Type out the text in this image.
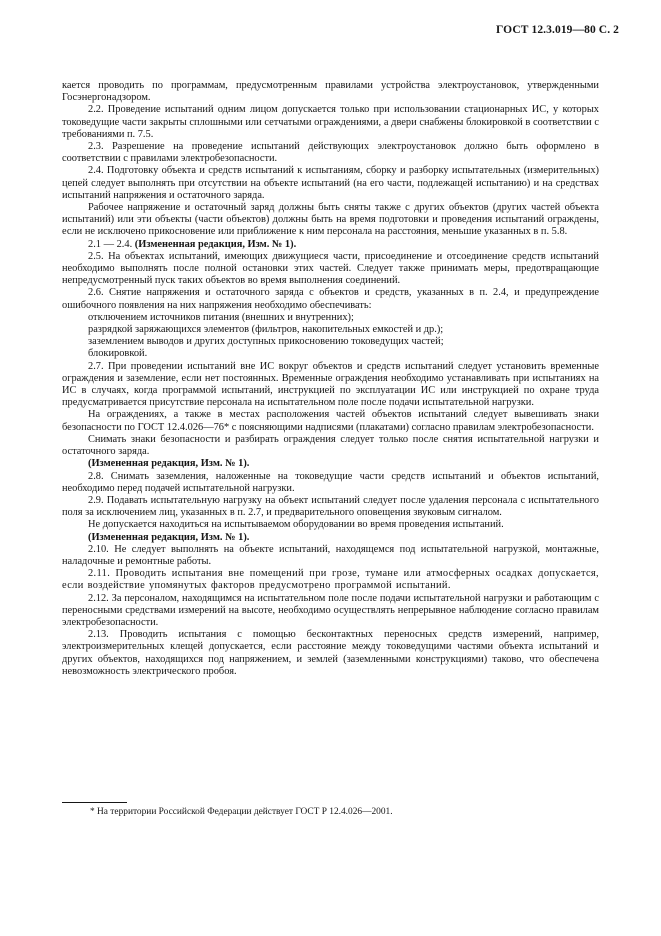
ГОСТ 12.3.019—80 С. 2

кается проводить по программам, предусмотренным правилами устройства электроустановок, утвержденными Госэнергонадзором.

2.2. Проведение испытаний одним лицом допускается только при использовании стационарных ИС, у которых токоведущие части закрыты сплошными или сетчатыми ограждениями, а двери снабжены блокировкой в соответствии с требованиями п. 7.5.

2.3. Разрешение на проведение испытаний действующих электроустановок должно быть оформлено в соответствии с правилами электробезопасности.

2.4. Подготовку объекта и средств испытаний к испытаниям, сборку и разборку испытательных (измерительных) цепей следует выполнять при отсутствии на объекте испытаний (на его части, подлежащей испытанию) и на средствах испытаний напряжения и остаточного заряда.

Рабочее напряжение и остаточный заряд должны быть сняты также с других объектов (других частей объекта испытаний) или эти объекты (части объектов) должны быть на время подготовки и проведения испытаний ограждены, если не исключено прикосновение или приближение к ним персонала на расстояния, меньшие указанных в п. 5.8.

2.1 — 2.4. (Измененная редакция, Изм. № 1).

2.5. На объектах испытаний, имеющих движущиеся части, присоединение и отсоединение средств испытаний необходимо выполнять после полной остановки этих частей. Следует также принимать меры, предотвращающие непредусмотренный пуск таких объектов во время выполнения соединений.

2.6. Снятие напряжения и остаточного заряда с объектов и средств, указанных в п. 2.4, и предупреждение ошибочного появления на них напряжения необходимо обеспечивать:

отключением источников питания (внешних и внутренних);

разрядкой заряжающихся элементов (фильтров, накопительных емкостей и др.);

заземлением выводов и других доступных прикосновению токоведущих частей;

блокировкой.

2.7. При проведении испытаний вне ИС вокруг объектов и средств испытаний следует установить временные ограждения и заземление, если нет постоянных. Временные ограждения необходимо устанавливать при испытаниях на ИС в случаях, когда программой испытаний, инструкцией по эксплуатации ИС или инструкцией по охране труда предусматривается присутствие персонала на испытательном поле после подачи испытательной нагрузки.

На ограждениях, а также в местах расположения частей объектов испытаний следует вывешивать знаки безопасности по ГОСТ 12.4.026—76* с поясняющими надписями (плакатами) согласно правилам электробезопасности.

Снимать знаки безопасности и разбирать ограждения следует только после снятия испытательной нагрузки и остаточного заряда.

(Измененная редакция, Изм. № 1).

2.8. Снимать заземления, наложенные на токоведущие части средств испытаний и объектов испытаний, необходимо перед подачей испытательной нагрузки.

2.9. Подавать испытательную нагрузку на объект испытаний следует после удаления персонала с испытательного поля за исключением лиц, указанных в п. 2.7, и предварительного оповещения звуковым сигналом.

Не допускается находиться на испытываемом оборудовании во время проведения испытаний.

(Измененная редакция, Изм. № 1).

2.10. Не следует выполнять на объекте испытаний, находящемся под испытательной нагрузкой, монтажные, наладочные и ремонтные работы.

2.11. Проводить испытания вне помещений при грозе, тумане или атмосферных осадках допускается, если воздействие упомянутых факторов предусмотрено программой испытаний.

2.12. За персоналом, находящимся на испытательном поле после подачи испытательной нагрузки и работающим с переносными средствами измерений на высоте, необходимо осуществлять непрерывное наблюдение согласно правилам электробезопасности.

2.13. Проводить испытания с помощью бесконтактных переносных средств измерений, например, электроизмерительных клещей допускается, если расстояние между токоведущими частями объекта испытаний и других объектов, находящихся под напряжением, и землей (заземленными конструкциями) таково, что обеспечена невозможность электрического пробоя.

* На территории Российской Федерации действует ГОСТ Р 12.4.026—2001.
